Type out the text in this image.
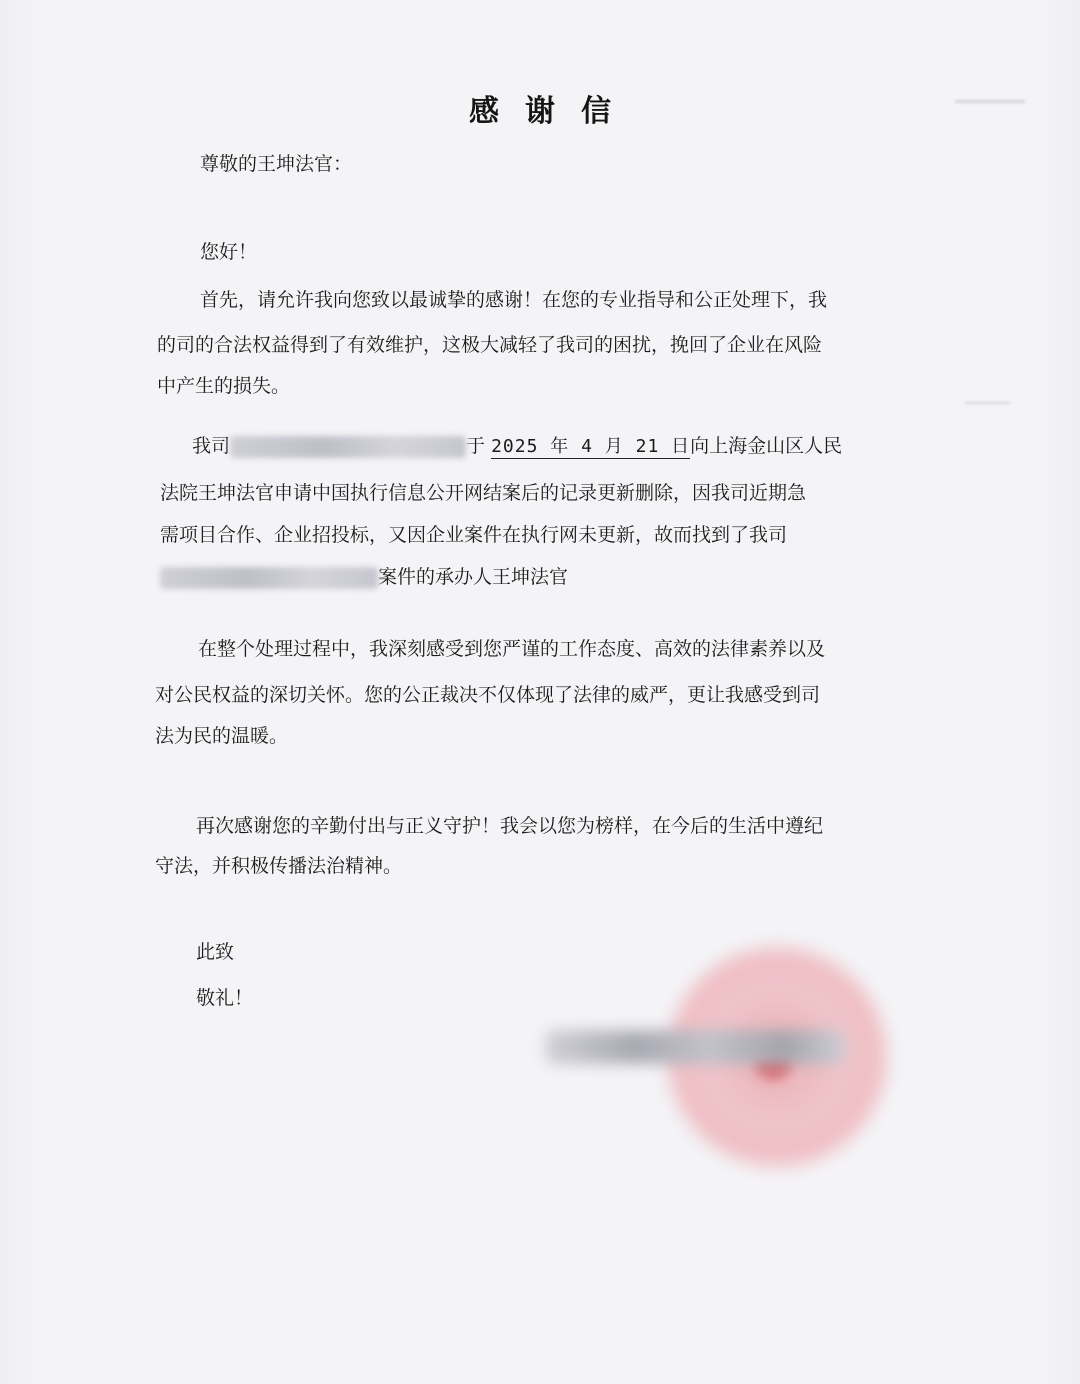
感谢信
尊敬的王坤法官：
您好！
首先，请允许我向您致以最诚挚的感谢！在您的专业指导和公正处理下，我
的司的合法权益得到了有效维护，这极大减轻了我司的困扰，挽回了企业在风险
中产生的损失。
我司	于 2025 年 4 月 21 日向上海金山区人民
法院王坤法官申请中国执行信息公开网结案后的记录更新删除，因我司近期急
需项目合作、企业招投标，又因企业案件在执行网未更新，故而找到了我司
案件的承办人王坤法官
在整个处理过程中，我深刻感受到您严谨的工作态度、高效的法律素养以及
对公民权益的深切关怀。您的公正裁决不仅体现了法律的威严，更让我感受到司
法为民的温暖。
再次感谢您的辛勤付出与正义守护！我会以您为榜样，在今后的生活中遵纪
守法，并积极传播法治精神。
此致
敬礼！
